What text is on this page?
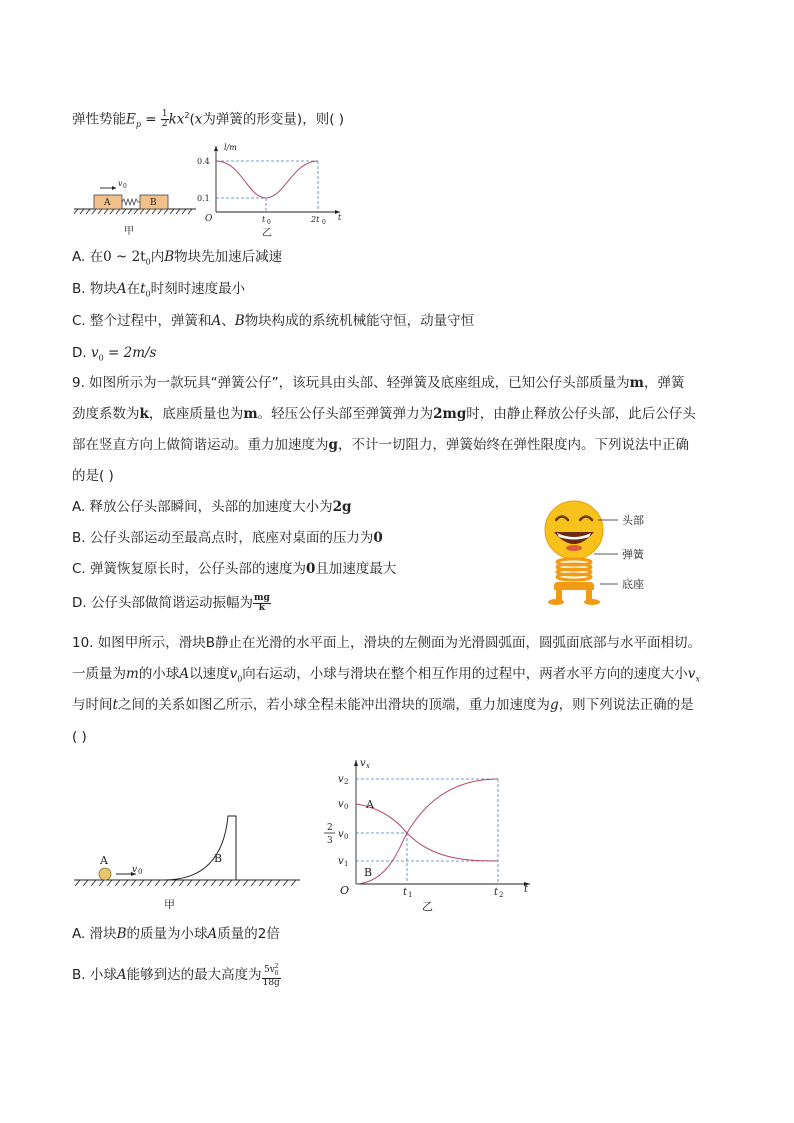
弹性势能$E_p = \frac{1}{2} kx^2(x$为弹簧的形变量)，则( )
A	B
v 0
甲
l/m
0.4
0.1
O	t 0	2t 0
t
乙
A. 在0 ~ $2t_0$内B物块先加速后减速
B. 物块A在$t_0$时刻时速度最小
C. 整个过程中，弹簧和A、B物块构成的系统机械能守恒，动量守恒
D. $v_0 = 2m/s$
9. 如图所示为一款玩具“弹簧公仔”，该玩具由头部、轻弹簧及底座组成，已知公仔头部质量为m，弹簧
劲度系数为k，底座质量也为m。轻压公仔头部至弹簧弹力为2mg时，由静止释放公仔头部，此后公仔头
部在竖直方向上做简谐运动。重力加速度为g，不计一切阻力，弹簧始终在弹性限度内。下列说法中正确
的是( )
A. 释放公仔头部瞬间，头部的加速度大小为2g
B. 公仔头部运动至最高点时，底座对桌面的压力为0
C. 弹簧恢复原长时，公仔头部的速度为0且加速度最大
D. 公仔头部做简谐运动振幅为 $\frac{mg}{k}$
头部
弹簧
底座
10. 如图甲所示，滑块B静止在光滑的水平面上，滑块的左侧面为光滑圆弧面，圆弧面底部与水平面相切。
一质量为m的小球A以速度$v_0$向右运动，小球与滑块在整个相互作用的过程中，两者水平方向的速度大小$v_x$
与时间t之间的关系如图乙所示，若小球全程未能冲出滑块的顶端，重力加速度为g，则下列说法正确的是
( )
A
v 0
B
甲
v x
v 2
v 0
2
3
v 0
v 1
O	t 1	t 2 t
A
B
乙
A. 滑块B的质量为小球A质量的2倍
B. 小球A能够到达的最大高度为 $\frac{5v^2_0}{18g}$
